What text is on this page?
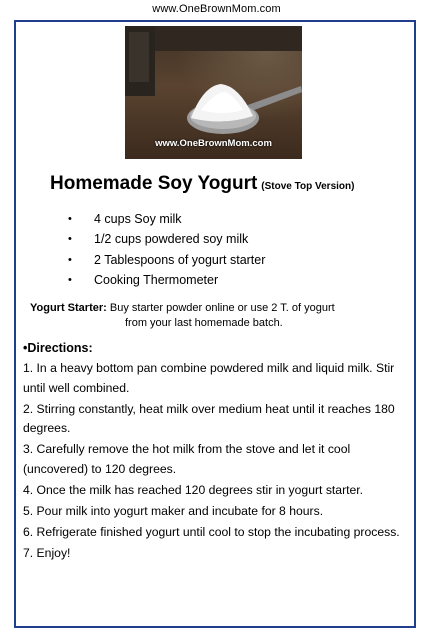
www.OneBrownMom.com
www.OneBrownMom.com
Homemade Soy Yogurt (Stove Top Version)
• 4 cups Soy milk
• 1/2 cups powdered soy milk
• 2 Tablespoons of yogurt starter
• Cooking Thermometer
Yogurt Starter: Buy starter powder online or use 2 T. of yogurt
from your last homemade batch.
•Directions:
1. In a heavy bottom pan combine powdered milk and liquid milk. Stir until well combined.
2. Stirring constantly, heat milk over medium heat until it reaches 180 degrees.
3. Carefully remove the hot milk from the stove and let it cool (uncovered) to 120 degrees.
4. Once the milk has reached 120 degrees stir in yogurt starter.
5. Pour milk into yogurt maker and incubate for 8 hours.
6. Refrigerate finished yogurt until cool to stop the incubating process.
7. Enjoy!
